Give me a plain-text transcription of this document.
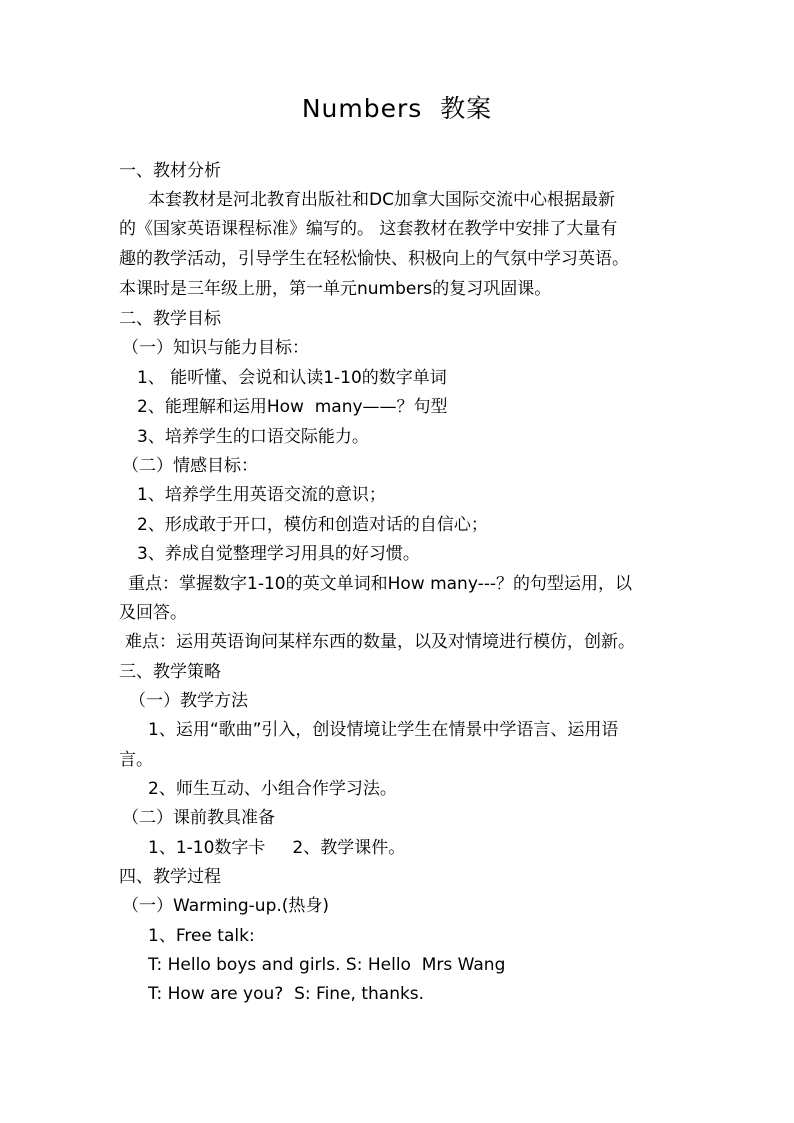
Numbers  教案
一、教材分析
本套教材是河北教育出版社和DC加拿大国际交流中心根据最新
的《国家英语课程标准》编写的。 这套教材在教学中安排了大量有
趣的教学活动，引导学生在轻松愉快、积极向上的气氛中学习英语。
本课时是三年级上册，第一单元numbers的复习巩固课。
二、教学目标
（一）知识与能力目标：
1、 能听懂、会说和认读1-10的数字单词
2、能理解和运用How  many——？句型
3、培养学生的口语交际能力。
（二）情感目标：
1、培养学生用英语交流的意识；
2、形成敢于开口，模仿和创造对话的自信心；
3、养成自觉整理学习用具的好习惯。
重点：掌握数字1-10的英文单词和How many---？的句型运用，以
及回答。
难点：运用英语询问某样东西的数量，以及对情境进行模仿，创新。
三、教学策略
（一）教学方法
1、运用“歌曲”引入，创设情境让学生在情景中学语言、运用语
言。
2、师生互动、小组合作学习法。
（二）课前教具准备
1、1-10数字卡     2、教学课件。
四、教学过程
（一）Warming-up.(热身)
1、Free talk:
T: Hello boys and girls. S: Hello  Mrs Wang
T: How are you?  S: Fine, thanks.
